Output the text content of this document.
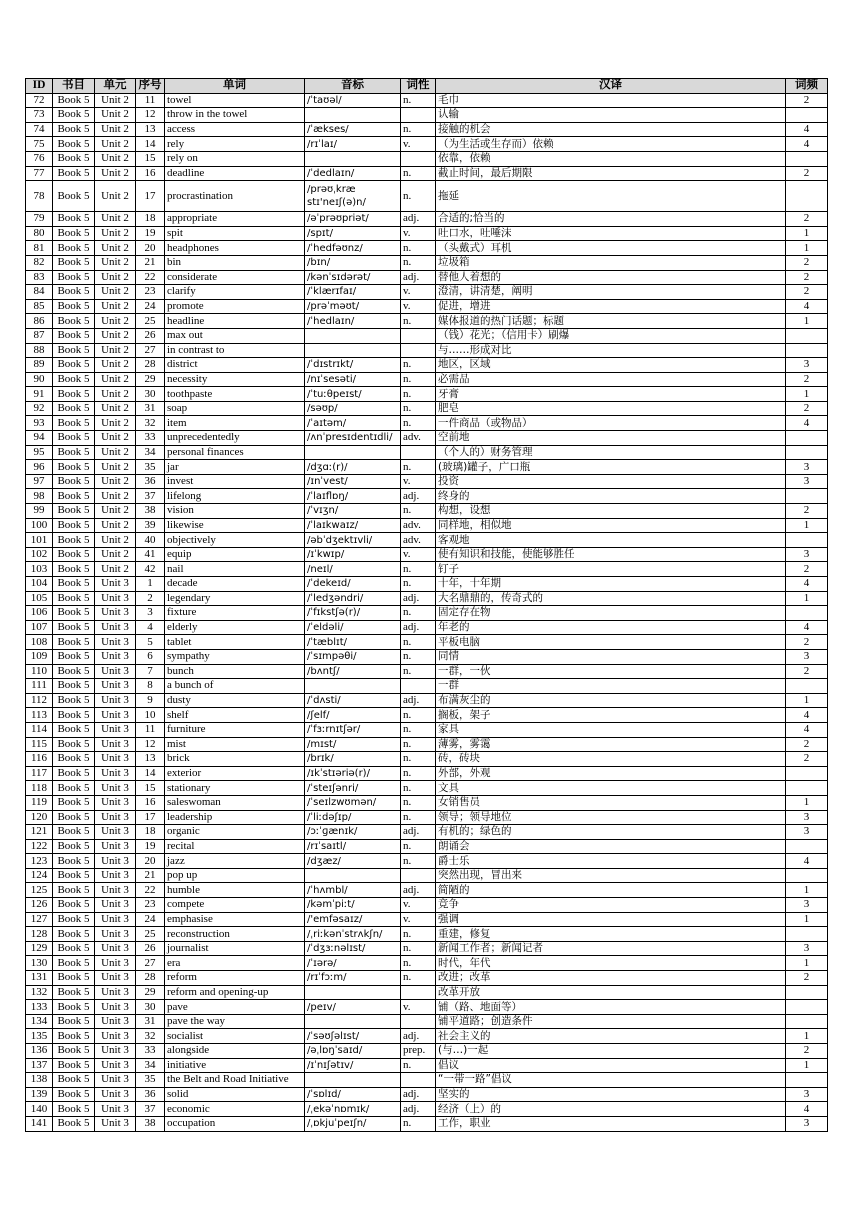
ID	书目	单元	序号	单词	音标	词性	汉译	词频
72	Book 5	Unit 2	11	towel	/ˈtaʊəl/	n.	毛巾	2
73	Book 5	Unit 2	12	throw in the towel			认输	
74	Book 5	Unit 2	13	access	/ˈækses/	n.	接触的机会	4
75	Book 5	Unit 2	14	rely	/rɪˈlaɪ/	v.	（为生活或生存而）依赖	4
76	Book 5	Unit 2	15	rely on			依靠，依赖	
77	Book 5	Unit 2	16	deadline	/ˈdedlaɪn/	n.	截止时间，最后期限	2
78	Book 5	Unit 2	17	procrastination	/prəʊˌkræ stɪ'neɪʃ(ə)n/	n.	拖延	
79	Book 5	Unit 2	18	appropriate	/əˈprəʊpriət/	adj.	合适的;恰当的	2
80	Book 5	Unit 2	19	spit	/spɪt/	v.	吐口水，吐唾沫	1
81	Book 5	Unit 2	20	headphones	/ˈhedfəʊnz/	n.	（头戴式）耳机	1
82	Book 5	Unit 2	21	bin	/bɪn/	n.	垃圾箱	2
83	Book 5	Unit 2	22	considerate	/kənˈsɪdərət/	adj.	替他人着想的	2
84	Book 5	Unit 2	23	clarify	/ˈklærɪfaɪ/	v.	澄清，讲清楚，阐明	2
85	Book 5	Unit 2	24	promote	/prəˈməʊt/	v.	促进，增进	4
86	Book 5	Unit 2	25	headline	/ˈhedlaɪn/	n.	媒体报道的热门话题；标题	1
87	Book 5	Unit 2	26	max out			（钱）花光；（信用卡）刷爆	
88	Book 5	Unit 2	27	in contrast to			与……形成对比	
89	Book 5	Unit 2	28	district	/ˈdɪstrɪkt/	n.	地区，区域	3
90	Book 5	Unit 2	29	necessity	/nɪˈsesəti/	n.	必需品	2
91	Book 5	Unit 2	30	toothpaste	/ˈtuːθpeɪst/	n.	牙膏	1
92	Book 5	Unit 2	31	soap	/səʊp/	n.	肥皂	2
93	Book 5	Unit 2	32	item	/ˈaɪtəm/	n.	一件商品（或物品）	4
94	Book 5	Unit 2	33	unprecedentedly	/ʌnˈpresɪdentɪdli/	adv.	空前地	
95	Book 5	Unit 2	34	personal finances			（个人的）财务管理	
96	Book 5	Unit 2	35	jar	/dʒɑː(r)/	n.	(玻璃)罐子，广口瓶	3
97	Book 5	Unit 2	36	invest	/ɪnˈvest/	v.	投资	3
98	Book 5	Unit 2	37	lifelong	/ˈlaɪflɒŋ/	adj.	终身的	
99	Book 5	Unit 2	38	vision	/ˈvɪʒn/	n.	构想，设想	2
100	Book 5	Unit 2	39	likewise	/ˈlaɪkwaɪz/	adv.	同样地，相似地	1
101	Book 5	Unit 2	40	objectively	/əbˈdʒektɪvli/	adv.	客观地	
102	Book 5	Unit 2	41	equip	/ɪˈkwɪp/	v.	使有知识和技能，使能够胜任	3
103	Book 5	Unit 2	42	nail	/neɪl/	n.	钉子	2
104	Book 5	Unit 3	1	decade	/ˈdekeɪd/	n.	十年，十年期	4
105	Book 5	Unit 3	2	legendary	/ˈledʒəndri/	adj.	大名鼎鼎的，传奇式的	1
106	Book 5	Unit 3	3	fixture	/ˈfɪkstʃə(r)/	n.	固定存在物	
107	Book 5	Unit 3	4	elderly	/ˈeldəli/	adj.	年老的	4
108	Book 5	Unit 3	5	tablet	/ˈtæblɪt/	n.	平板电脑	2
109	Book 5	Unit 3	6	sympathy	/ˈsɪmpəθi/	n.	同情	3
110	Book 5	Unit 3	7	bunch	/bʌntʃ/	n.	一群，一伙	2
111	Book 5	Unit 3	8	a bunch of			一群	
112	Book 5	Unit 3	9	dusty	/ˈdʌsti/	adj.	布满灰尘的	1
113	Book 5	Unit 3	10	shelf	/ʃelf/	n.	搁板，架子	4
114	Book 5	Unit 3	11	furniture	/ˈfɜːrnɪtʃər/	n.	家具	4
115	Book 5	Unit 3	12	mist	/mɪst/	n.	薄雾，雾霭	2
116	Book 5	Unit 3	13	brick	/brɪk/	n.	砖，砖块	2
117	Book 5	Unit 3	14	exterior	/ɪkˈstɪəriə(r)/	n.	外部，外观	
118	Book 5	Unit 3	15	stationary	/ˈsteɪʃənri/	n.	文具	
119	Book 5	Unit 3	16	saleswoman	/ˈseɪlzwʊmən/	n.	女销售员	1
120	Book 5	Unit 3	17	leadership	/ˈliːdəʃɪp/	n.	领导；领导地位	3
121	Book 5	Unit 3	18	organic	/ɔːˈɡænɪk/	adj.	有机的；绿色的	3
122	Book 5	Unit 3	19	recital	/rɪˈsaɪtl/	n.	朗诵会	
123	Book 5	Unit 3	20	jazz	/dʒæz/	n.	爵士乐	4
124	Book 5	Unit 3	21	pop up			突然出现，冒出来	
125	Book 5	Unit 3	22	humble	/ˈhʌmbl/	adj.	简陋的	1
126	Book 5	Unit 3	23	compete	/kəmˈpiːt/	v.	竞争	3
127	Book 5	Unit 3	24	emphasise	/'emfəsaɪz/	v.	强调	1
128	Book 5	Unit 3	25	reconstruction	/ˌriːkənˈstrʌkʃn/	n.	重建，修复	
129	Book 5	Unit 3	26	journalist	/ˈdʒɜːnəlɪst/	n.	新闻工作者；新闻记者	3
130	Book 5	Unit 3	27	era	/ˈɪərə/	n.	时代，年代	1
131	Book 5	Unit 3	28	reform	/rɪˈfɔːm/	n.	改进；改革	2
132	Book 5	Unit 3	29	reform and opening-up			改革开放	
133	Book 5	Unit 3	30	pave	/peɪv/	v.	铺（路、地面等）	
134	Book 5	Unit 3	31	pave the way			铺平道路；创造条件	
135	Book 5	Unit 3	32	socialist	/ˈsəʊʃəlɪst/	adj.	社会主义的	1
136	Book 5	Unit 3	33	alongside	/əˌlɒŋˈsaɪd/	prep.	(与…)一起	2
137	Book 5	Unit 3	34	initiative	/ɪˈnɪʃətɪv/	n.	倡议	1
138	Book 5	Unit 3	35	the Belt and Road Initiative			“一带一路”倡议	
139	Book 5	Unit 3	36	solid	/ˈsɒlɪd/	adj.	坚实的	3
140	Book 5	Unit 3	37	economic	/ˌekəˈnɒmɪk/	adj.	经济（上）的	4
141	Book 5	Unit 3	38	occupation	/ˌɒkjuˈpeɪʃn/	n.	工作，职业	3
